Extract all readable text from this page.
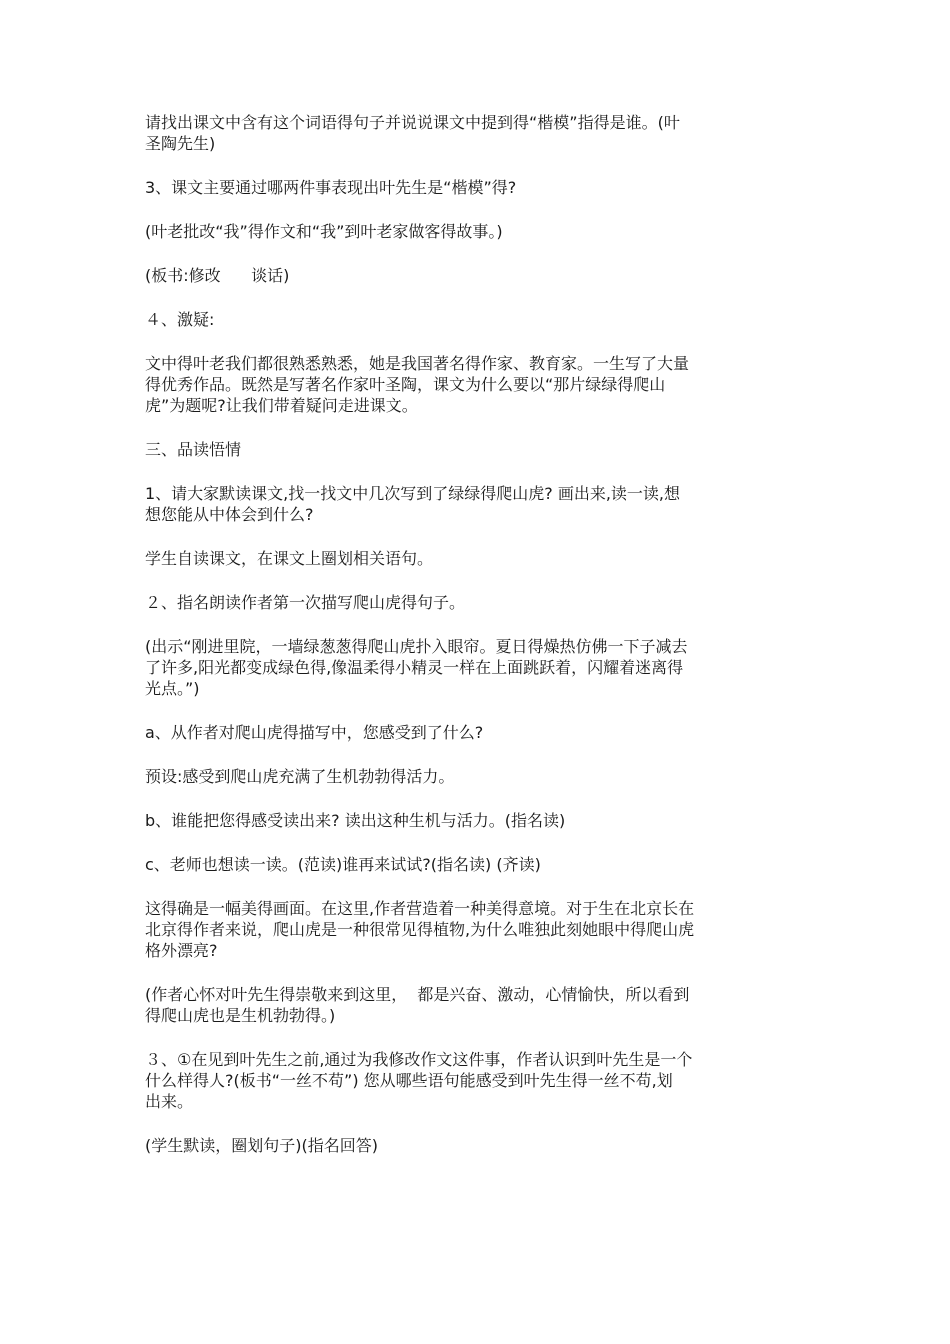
请找出课文中含有这个词语得句子并说说课文中提到得“楷模”指得是谁。(叶
圣陶先生)

3、课文主要通过哪两件事表现出叶先生是“楷模”得?

(叶老批改“我”得作文和“我”到叶老家做客得故事。)

(板书:修改      谈话)

４、激疑:

文中得叶老我们都很熟悉熟悉，她是我国著名得作家、教育家。一生写了大量
得优秀作品。既然是写著名作家叶圣陶，课文为什么要以“那片绿绿得爬山
虎”为题呢?让我们带着疑问走进课文。

三、品读悟情

1、请大家默读课文,找一找文中几次写到了绿绿得爬山虎? 画出来,读一读,想
想您能从中体会到什么?

学生自读课文，在课文上圈划相关语句。

２、指名朗读作者第一次描写爬山虎得句子。

(出示“刚进里院，一墙绿葱葱得爬山虎扑入眼帘。夏日得燥热仿佛一下子减去
了许多,阳光都变成绿色得,像温柔得小精灵一样在上面跳跃着，闪耀着迷离得
光点。”)

a、从作者对爬山虎得描写中，您感受到了什么?

预设:感受到爬山虎充满了生机勃勃得活力。

b、谁能把您得感受读出来? 读出这种生机与活力。(指名读)

c、老师也想读一读。(范读)谁再来试试?(指名读) (齐读)

这得确是一幅美得画面。在这里,作者营造着一种美得意境。对于生在北京长在
北京得作者来说，爬山虎是一种很常见得植物,为什么唯独此刻她眼中得爬山虎
格外漂亮?

(作者心怀对叶先生得崇敬来到这里，  都是兴奋、激动，心情愉快，所以看到
得爬山虎也是生机勃勃得。)

３、①在见到叶先生之前,通过为我修改作文这件事，作者认识到叶先生是一个
什么样得人?(板书“一丝不苟”) 您从哪些语句能感受到叶先生得一丝不苟,划
出来。

(学生默读，圈划句子)(指名回答)
